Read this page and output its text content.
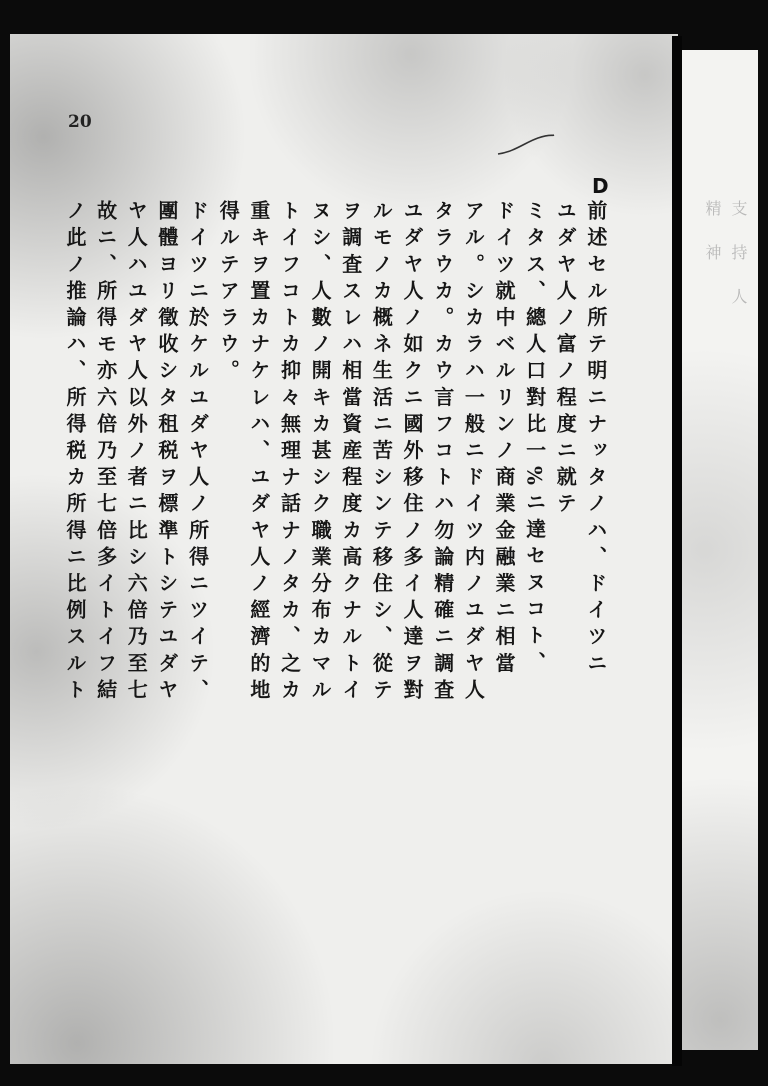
精　神 支　持　人
20
D
前述セル所テ明ニナッタノハ、ドイツニ
ユダヤ人ノ富ノ程度ニ就テ
ミタス、總人口對比一%ニ達セヌコト、
ドイツ就中ベルリンノ商業金融業ニ相當
アル。シカラハ一般ニドイツ内ノユダヤ人
タラウカ。カウ言フコトハ勿論精確ニ調査
ユダヤ人ノ如クニ國外移住ノ多イ人達ヲ對
ルモノカ概ネ生活ニ苦シンテ移住シ、從テ
ヲ調査スレハ相當資産程度カ高クナルトイ
ヌシ、人數ノ開キカ甚シク職業分布カマル
トイフコトカ抑々無理ナ話ナノタカ、之カ
重キヲ置カナケレハ、ユダヤ人ノ經濟的地
得ルテアラウ。
ドイツニ於ケルユダヤ人ノ所得ニツイテ、
團體ヨリ徵收シタ租税ヲ標準トシテユダヤ
ヤ人ハユダヤ人以外ノ者ニ比シ六倍乃至七
故ニ、所得モ亦六倍乃至七倍多イトイフ結
ノ此ノ推論ハ、所得税カ所得ニ比例スルト
